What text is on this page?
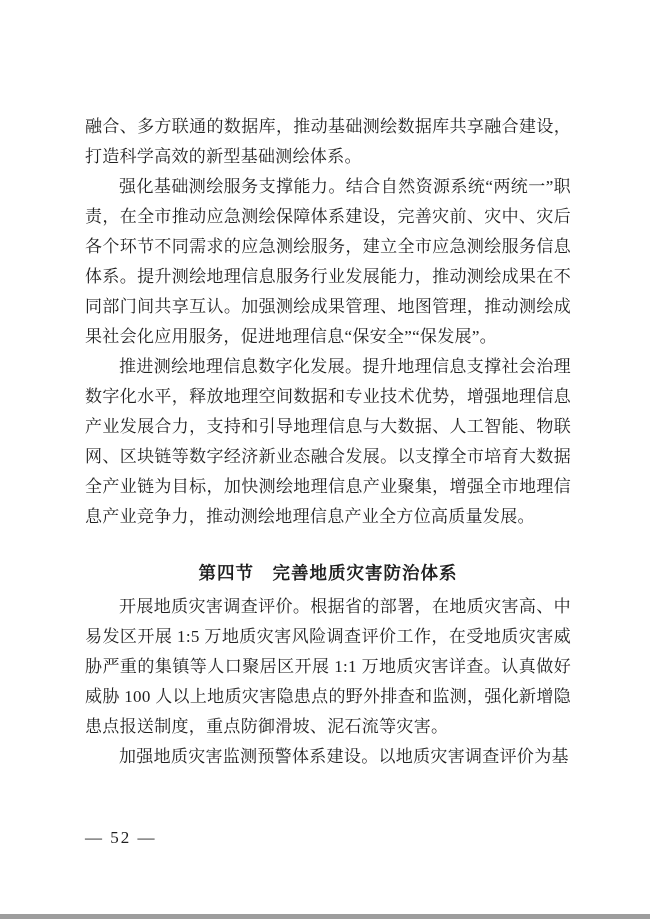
融合、多方联通的数据库，推动基础测绘数据库共享融合建设，打造科学高效的新型基础测绘体系。

强化基础测绘服务支撑能力。结合自然资源系统“两统一”职责，在全市推动应急测绘保障体系建设，完善灾前、灾中、灾后各个环节不同需求的应急测绘服务，建立全市应急测绘服务信息体系。提升测绘地理信息服务行业发展能力，推动测绘成果在不同部门间共享互认。加强测绘成果管理、地图管理，推动测绘成果社会化应用服务，促进地理信息“保安全”“保发展”。

推进测绘地理信息数字化发展。提升地理信息支撑社会治理数字化水平，释放地理空间数据和专业技术优势，增强地理信息产业发展合力，支持和引导地理信息与大数据、人工智能、物联网、区块链等数字经济新业态融合发展。以支撑全市培育大数据全产业链为目标，加快测绘地理信息产业聚集，增强全市地理信息产业竞争力，推动测绘地理信息产业全方位高质量发展。

第四节　完善地质灾害防治体系

开展地质灾害调查评价。根据省的部署，在地质灾害高、中易发区开展 1:5 万地质灾害风险调查评价工作，在受地质灾害威胁严重的集镇等人口聚居区开展 1:1 万地质灾害详查。认真做好威胁 100 人以上地质灾害隐患点的野外排查和监测，强化新增隐患点报送制度，重点防御滑坡、泥石流等灾害。

加强地质灾害监测预警体系建设。以地质灾害调查评价为基

— 52 —
